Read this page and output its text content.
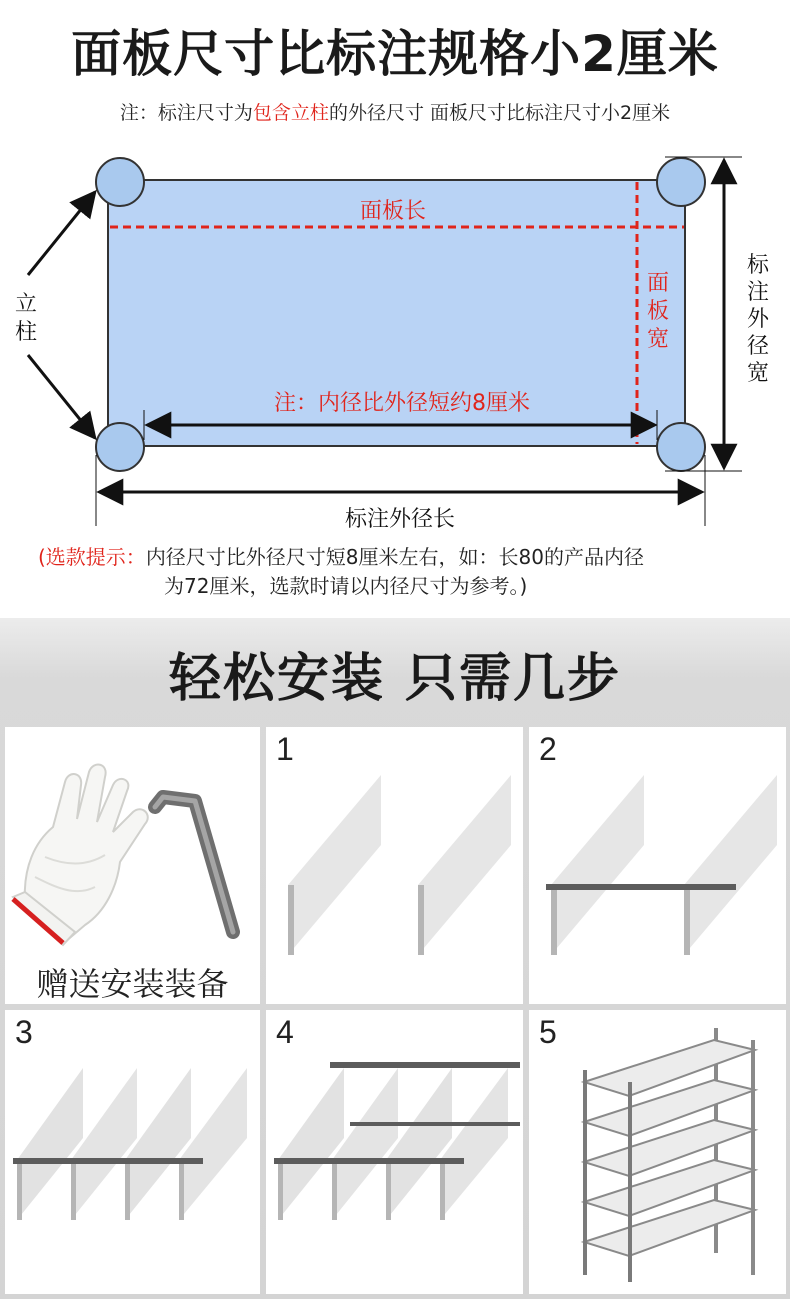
面板尺寸比标注规格小2厘米
注：标注尺寸为包含立柱的外径尺寸 面板尺寸比标注尺寸小2厘米
面板长
面
板
宽
注：内径比外径短约8厘米
立
柱
标
注
外
径
宽
标注外径长
(选款提示：内径尺寸比外径尺寸短8厘米左右，如：长80的产品内径
为72厘米，选款时请以内径尺寸为参考。)
轻松安装 只需几步
赠送安装装备
1	2
3	4	5
